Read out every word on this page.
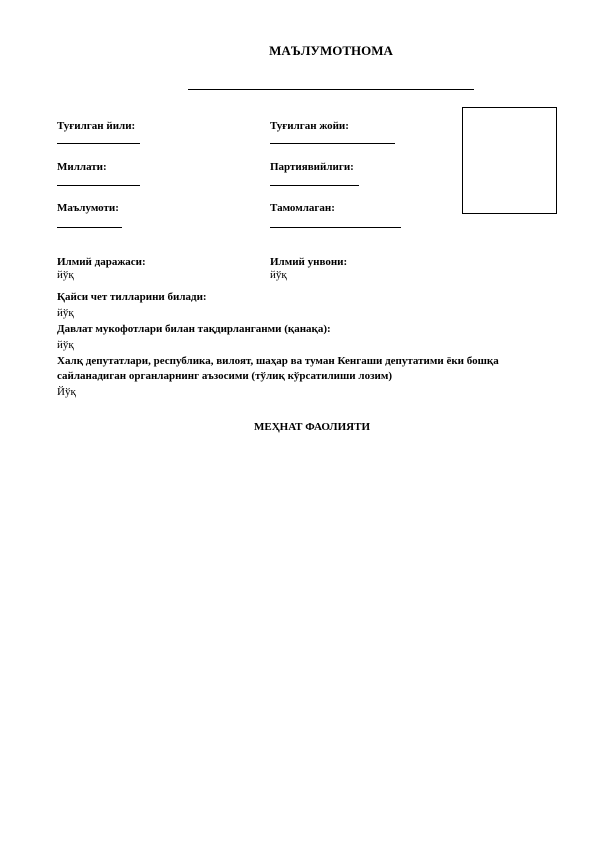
МАЪЛУМОТНОМА
Туғилган йили:	Туғилган жойи:
Миллати:	Партиявийлиги:
Маълумоти:	Тамомлаган:
Илмий даражаси:
йўқ
Илмий унвони:
йўқ
Қайси чет тилларини билади:
йўқ
Давлат мукофотлари билан тақдирланганми (қанақа):
йўқ
Халқ депутатлари, республика, вилоят, шаҳар ва туман Кенгаши депутатими ёки бошқа сайланадиган органларнинг аъзосими (тўлиқ кўрсатилиши лозим)
Йўқ
МЕҲНАТ ФАОЛИЯТИ
